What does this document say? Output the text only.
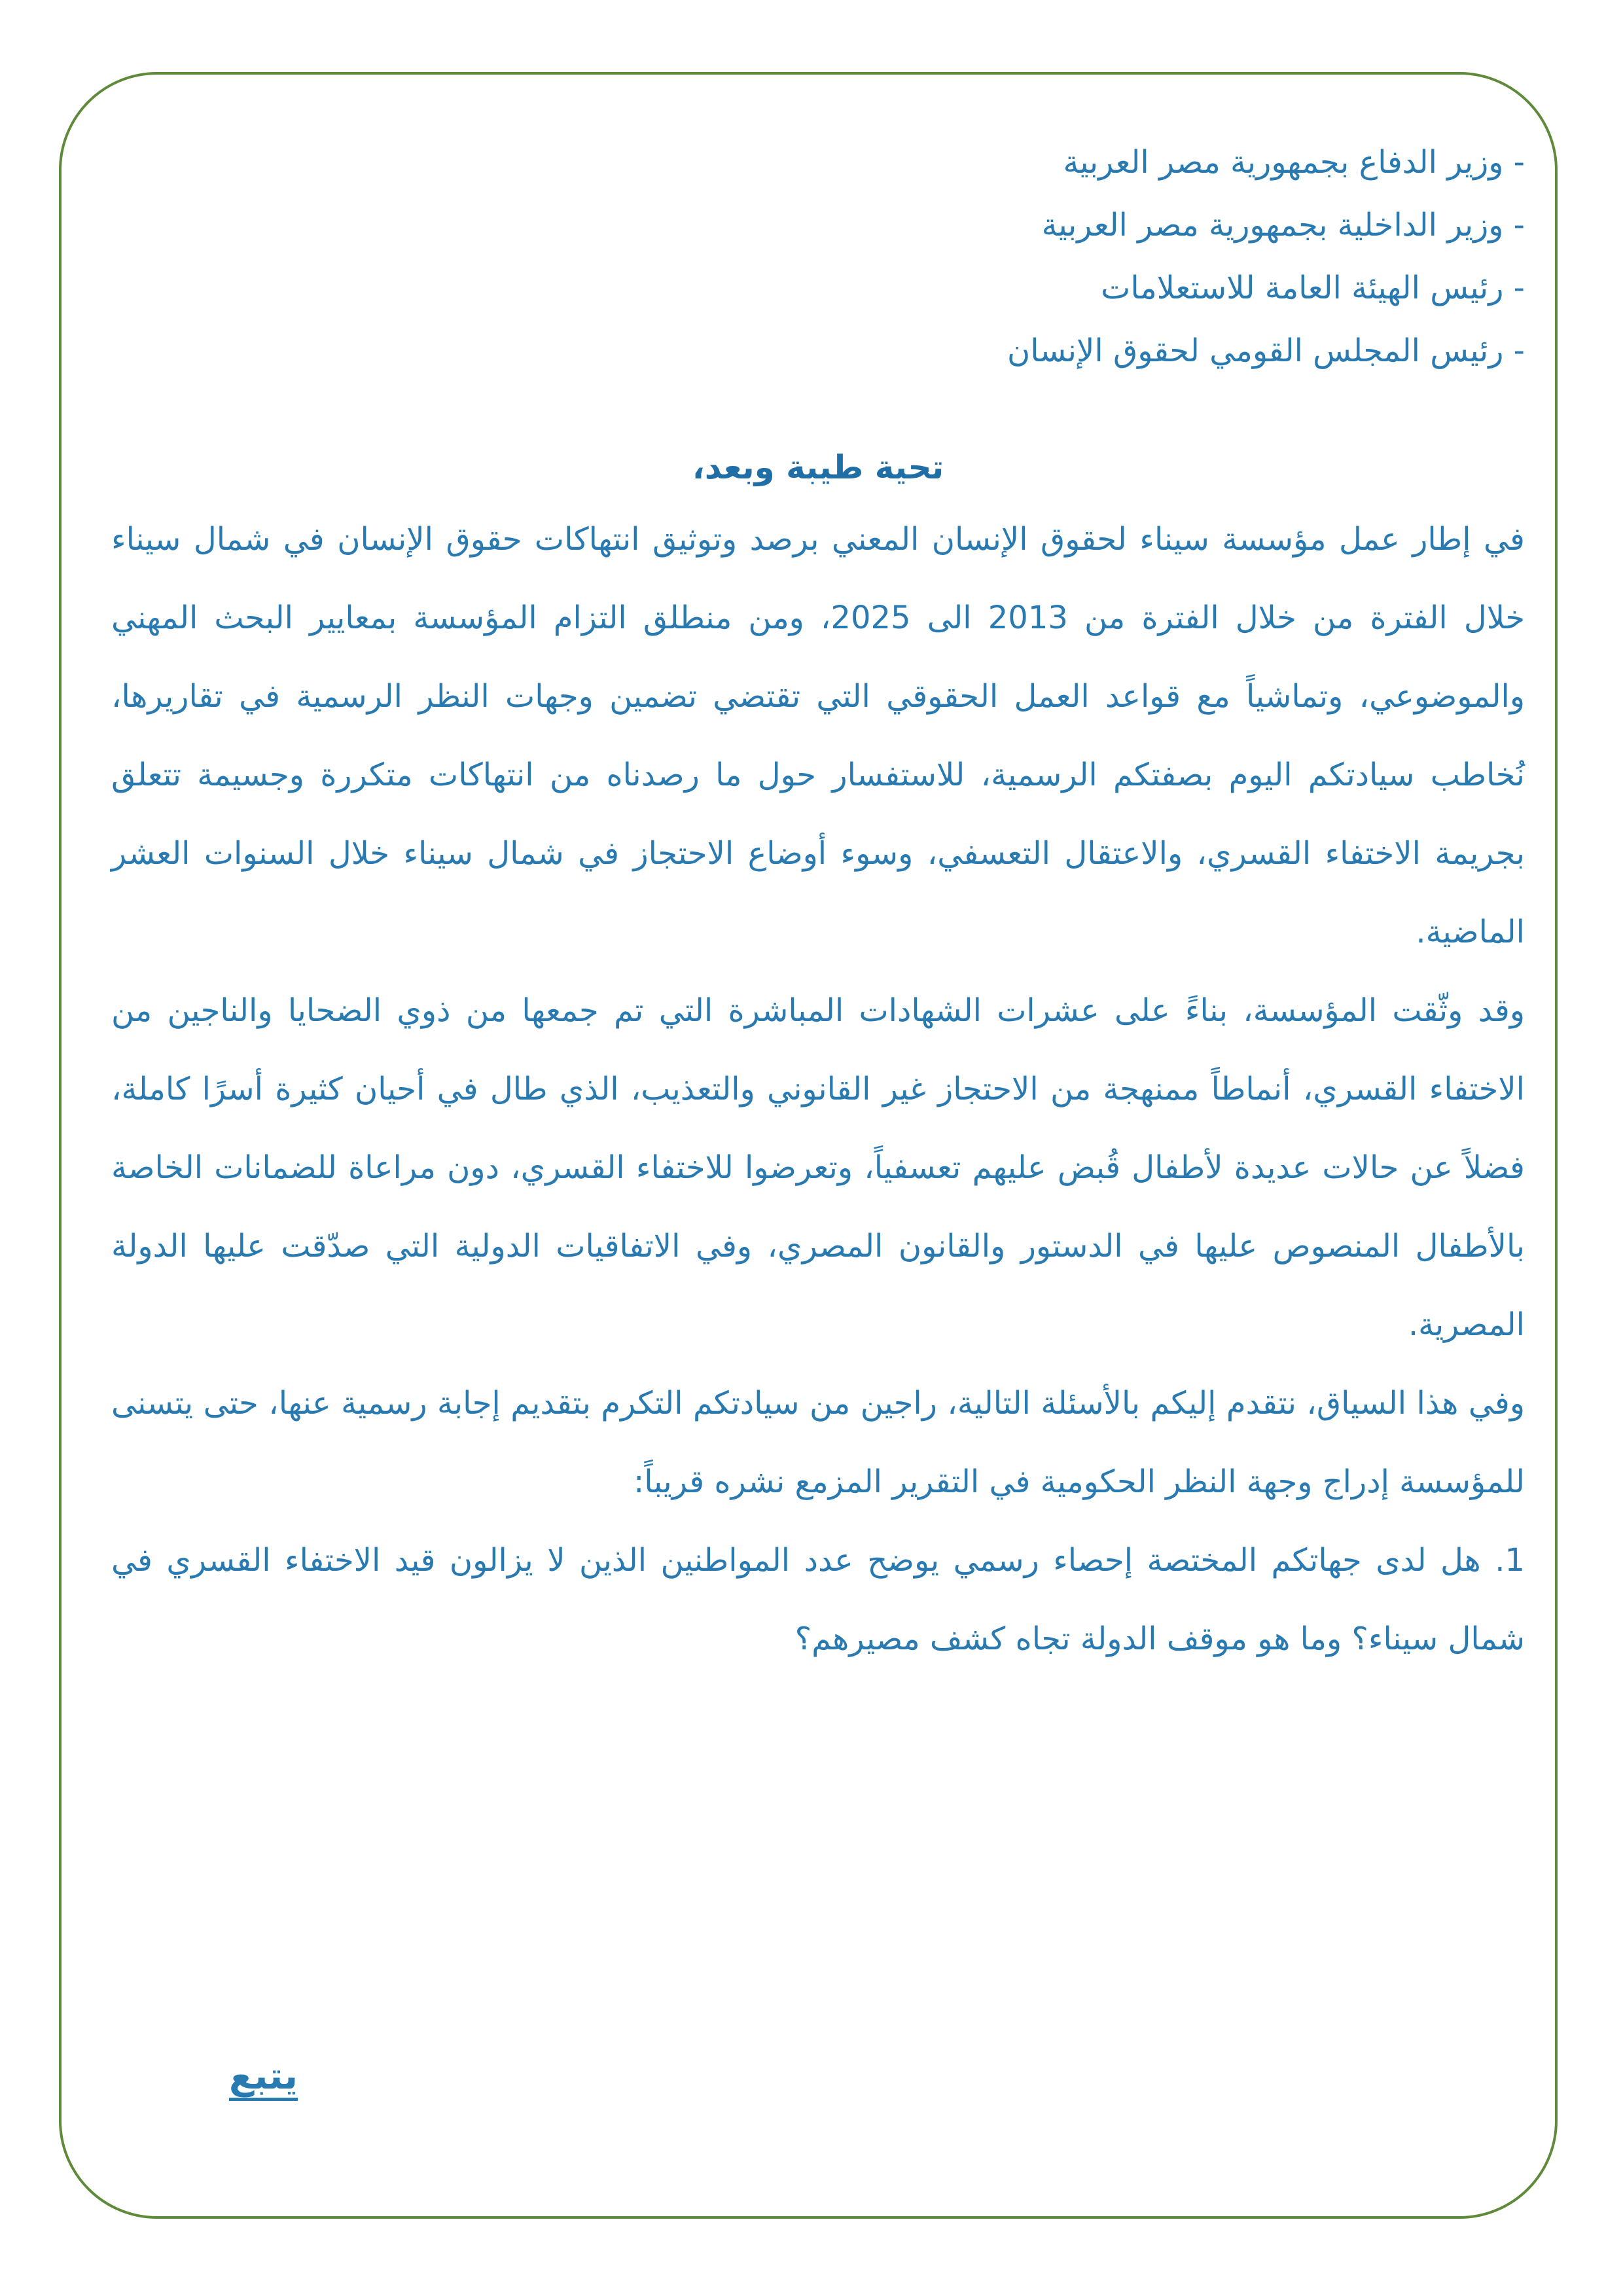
- وزير الدفاع بجمهورية مصر العربية
- وزير الداخلية بجمهورية مصر العربية
- رئيس الهيئة العامة للاستعلامات
- رئيس المجلس القومي لحقوق الإنسان
تحية طيبة وبعد،

في إطار عمل مؤسسة سيناء لحقوق الإنسان المعني برصد وتوثيق انتهاكات حقوق الإنسان في شمال سيناء خلال الفترة من خلال الفترة من 2013 الى 2025، ومن منطلق التزام المؤسسة بمعايير البحث المهني والموضوعي، وتماشياً مع قواعد العمل الحقوقي التي تقتضي تضمين وجهات النظر الرسمية في تقاريرها، نُخاطب سيادتكم اليوم بصفتكم الرسمية، للاستفسار حول ما رصدناه من انتهاكات متكررة وجسيمة تتعلق بجريمة الاختفاء القسري، والاعتقال التعسفي، وسوء أوضاع الاحتجاز في شمال سيناء خلال السنوات العشر الماضية.

وقد وثّقت المؤسسة، بناءً على عشرات الشهادات المباشرة التي تم جمعها من ذوي الضحايا والناجين من الاختفاء القسري، أنماطاً ممنهجة من الاحتجاز غير القانوني والتعذيب، الذي طال في أحيان كثيرة أسرًا كاملة، فضلاً عن حالات عديدة لأطفال قُبض عليهم تعسفياً، وتعرضوا للاختفاء القسري، دون مراعاة للضمانات الخاصة بالأطفال المنصوص عليها في الدستور والقانون المصري، وفي الاتفاقيات الدولية التي صدّقت عليها الدولة المصرية.

وفي هذا السياق، نتقدم إليكم بالأسئلة التالية، راجين من سيادتكم التكرم بتقديم إجابة رسمية عنها، حتى يتسنى للمؤسسة إدراج وجهة النظر الحكومية في التقرير المزمع نشره قريباً:

1. هل لدى جهاتكم المختصة إحصاء رسمي يوضح عدد المواطنين الذين لا يزالون قيد الاختفاء القسري في شمال سيناء؟ وما هو موقف الدولة تجاه كشف مصيرهم؟

يتبع
